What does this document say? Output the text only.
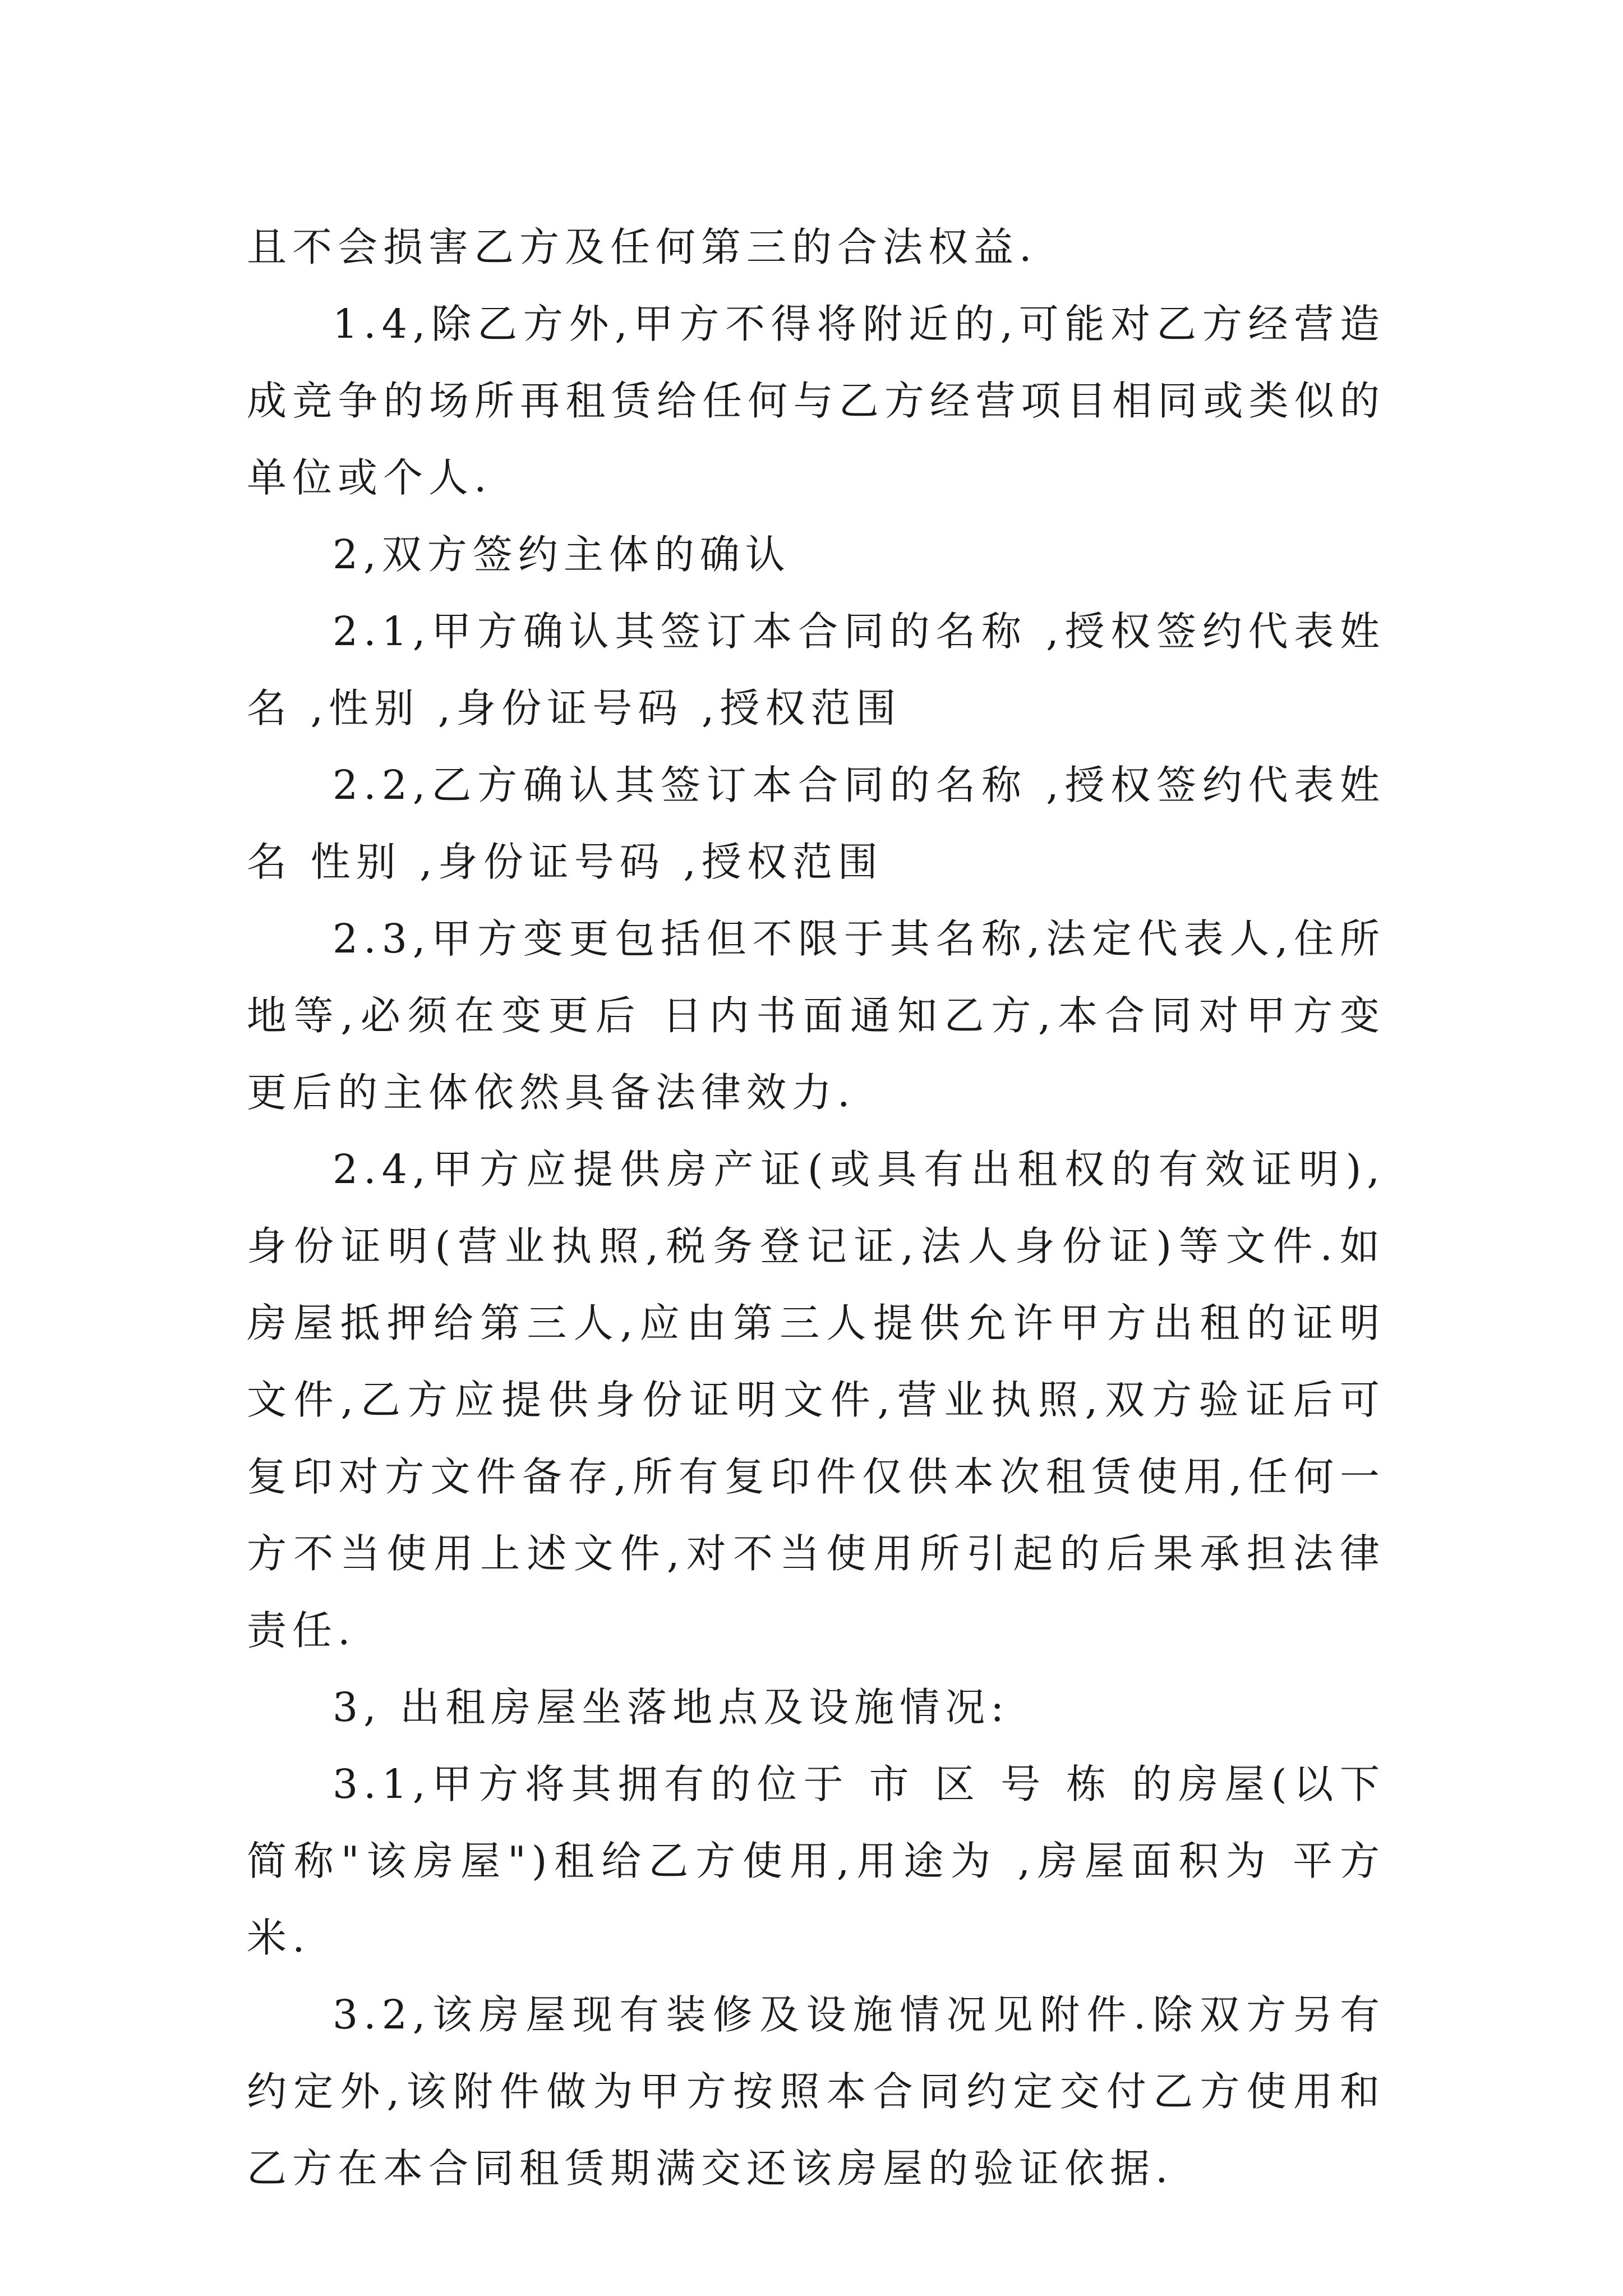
且不会损害乙方及任何第三的合法权益.

1.4,除乙方外,甲方不得将附近的,可能对乙方经营造成竞争的场所再租赁给任何与乙方经营项目相同或类似的单位或个人.

2,双方签约主体的确认

2.1,甲方确认其签订本合同的名称 ,授权签约代表姓名 ,性别 ,身份证号码 ,授权范围

2.2,乙方确认其签订本合同的名称 ,授权签约代表姓名 性别 ,身份证号码 ,授权范围

2.3,甲方变更包括但不限于其名称,法定代表人,住所地等,必须在变更后 日内书面通知乙方,本合同对甲方变更后的主体依然具备法律效力.

2.4,甲方应提供房产证(或具有出租权的有效证明),身份证明(营业执照,税务登记证,法人身份证)等文件.如房屋抵押给第三人,应由第三人提供允许甲方出租的证明文件,乙方应提供身份证明文件,营业执照,双方验证后可复印对方文件备存,所有复印件仅供本次租赁使用,任何一方不当使用上述文件,对不当使用所引起的后果承担法律责任.

3, 出租房屋坐落地点及设施情况:

3.1,甲方将其拥有的位于 市 区 号 栋 的房屋(以下简称"该房屋")租给乙方使用,用途为 ,房屋面积为 平方米.

3.2,该房屋现有装修及设施情况见附件.除双方另有约定外,该附件做为甲方按照本合同约定交付乙方使用和乙方在本合同租赁期满交还该房屋的验证依据.
